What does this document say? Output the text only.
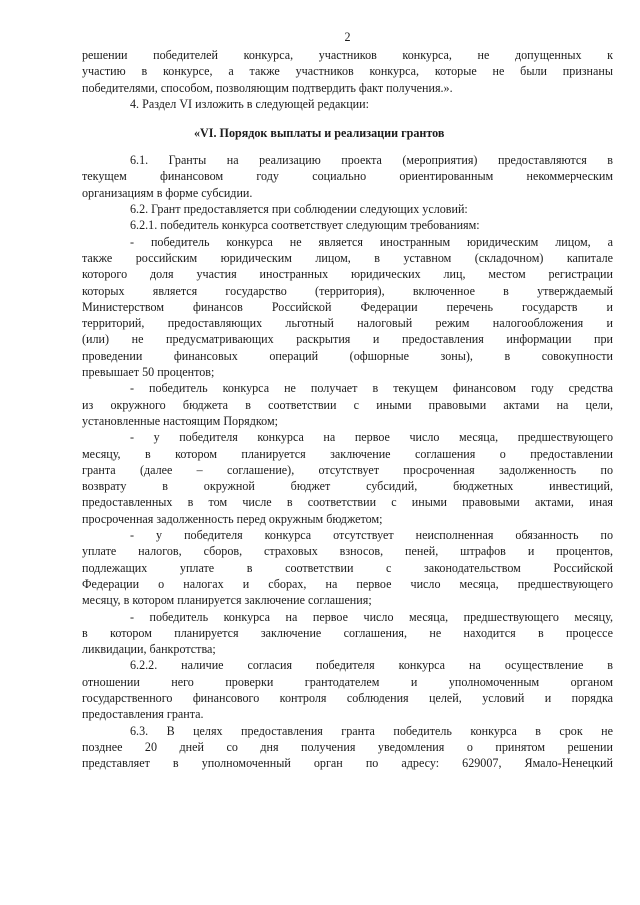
2
решении победителей конкурса, участников конкурса, не допущенных к
участию в конкурсе, а также участников конкурса, которые не были признаны
победителями, способом, позволяющим подтвердить факт получения.».
4. Раздел VI изложить в следующей редакции:
«VI. Порядок выплаты и реализации грантов
6.1. Гранты на реализацию проекта (мероприятия) предоставляются в
текущем финансовом году социально ориентированным некоммерческим
организациям в форме субсидии.
6.2. Грант предоставляется при соблюдении следующих условий:
6.2.1. победитель конкурса соответствует следующим требованиям:
- победитель конкурса не является иностранным юридическим лицом, а
также российским юридическим лицом, в уставном (складочном) капитале
которого доля участия иностранных юридических лиц, местом регистрации
которых является государство (территория), включенное в утверждаемый
Министерством финансов Российской Федерации перечень государств и
территорий, предоставляющих льготный налоговый режим налогообложения и
(или) не предусматривающих раскрытия и предоставления информации при
проведении финансовых операций (офшорные зоны), в совокупности
превышает 50 процентов;
- победитель конкурса не получает в текущем финансовом году средства
из окружного бюджета в соответствии с иными правовыми актами на цели,
установленные настоящим Порядком;
- у победителя конкурса на первое число месяца, предшествующего
месяцу, в котором планируется заключение соглашения о предоставлении
гранта (далее – соглашение), отсутствует просроченная задолженность по
возврату в окружной бюджет субсидий, бюджетных инвестиций,
предоставленных в том числе в соответствии с иными правовыми актами, иная
просроченная задолженность перед окружным бюджетом;
- у победителя конкурса отсутствует неисполненная обязанность по
уплате налогов, сборов, страховых взносов, пеней, штрафов и процентов,
подлежащих уплате в соответствии с законодательством Российской
Федерации о налогах и сборах, на первое число месяца, предшествующего
месяцу, в котором планируется заключение соглашения;
- победитель конкурса на первое число месяца, предшествующего месяцу,
в котором планируется заключение соглашения, не находится в процессе
ликвидации, банкротства;
6.2.2. наличие согласия победителя конкурса на осуществление в
отношении него проверки грантодателем и уполномоченным органом
государственного финансового контроля соблюдения целей, условий и порядка
предоставления гранта.
6.3. В целях предоставления гранта победитель конкурса в срок не
позднее 20 дней со дня получения уведомления о принятом решении
представляет в уполномоченный орган по адресу: 629007, Ямало-Ненецкий
